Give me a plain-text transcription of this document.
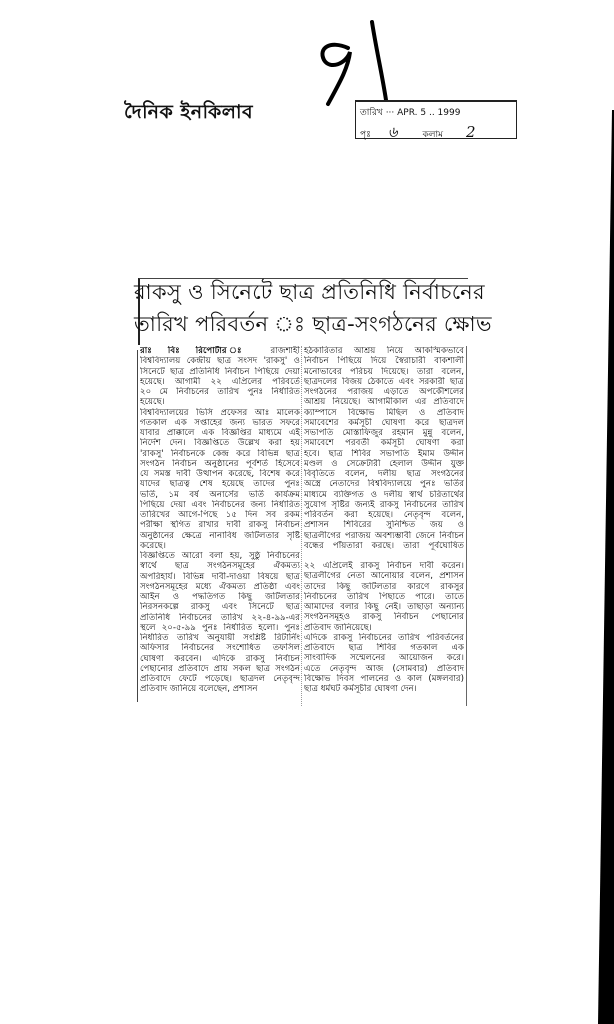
দৈনিক ইনকিলাব	তারিখ ··· APR. 5 .. 1999
পৃঃ ৬	কলাম 2
রাকসু ও সিনেটে ছাত্র প্রতিনিধি নির্বাচনের
তারিখ পরিবর্তন ঃ ছাত্র-সংগঠনের ক্ষোভ
রাঃ বিঃ রিপোর্টার ঃ রাজশাহী
বিশ্ববিদ্যালয় কেন্দ্রীয় ছাত্র সংসদ 'রাকসু' ও
সিনেটে ছাত্র প্রতিনিধি নির্বাচন পিছিয়ে দেয়া
হয়েছে। আগামী ২২ এপ্রিলের পরিবর্তে
২০ মে নির্বাচনের তারিখ পুনঃ নির্ধারিত
হয়েছে।
বিশ্ববিদ্যালয়ের ভিসি প্রফেসর আঃ মালেক
গতকাল এক সপ্তাহের জন্য ভারত সফরে
যাবার প্রাক্কালে এক বিজ্ঞপ্তির মাধ্যমে এই
নির্দেশ দেন। বিজ্ঞপ্তিতে উল্লেখ করা হয়
'রাকসু' নির্বাচনকে কেন্দ্র করে বিভিন্ন ছাত্র
সংগঠন নির্বাচন অনুষ্ঠানের পূর্বশর্ত হিসেবে
যে সমস্ত দাবী উত্থাপন করেছে, বিশেষ করে
যাদের ছাত্রত্ব শেষ হয়েছে তাদের পুনঃ
ভর্তি, ১ম বর্ষ অনার্সের ভর্তি কার্যক্রম
পিছিয়ে দেয়া এবং নির্বাচনের জন্য নির্ধারিত
তারিখের আগে-পিছে ১৫ দিন সব রকম
পরীক্ষা স্থগিত রাখার দাবী রাকসু নির্বাচন
অনুষ্ঠানের ক্ষেত্রে নানাবিধ জটিলতার সৃষ্টি
করেছে।
বিজ্ঞপ্তিতে আরো বলা হয়, সুষ্ঠু নির্বাচনের
স্বার্থে ছাত্র সংগঠনসমূহের ঐকমত্য
অপরিহার্য। বিভিন্ন দাবী-দাওয়া বিষয়ে ছাত্র
সংগঠনসমূহের মধ্যে ঐকমত্য প্রতিষ্ঠা এবং
আইন ও পদ্ধতিগত কিছু জটিলতার
নিরসনকল্পে রাকসু এবং সিনেটে ছাত্র
প্রতিনিধি নির্বাচনের তারিখ ২২-৪-৯৯-এর
স্থলে ২০-৫-৯৯ পুনঃ নির্ধারিত হলো। পুনঃ
নির্ধারিত তারিখ অনুযায়ী সংশ্লিষ্ট রিটার্নিং
অফিসার নির্বাচনের সংশোধিত তফসিল
ঘোষণা করবেন। এদিকে রাকসু নির্বাচন
পেছানোর প্রতিবাদে প্রায় সকল ছাত্র সংগঠন
প্রতিবাদে ফেটে পড়েছে। ছাত্রদল নেতৃবৃন্দ
প্রতিবাদ জানিয়ে বলেছেন, প্রশাসন
হঠকারিতার আশ্রয় নিয়ে আকস্মিকভাবে
নির্বাচন পিছিয়ে দিয়ে স্বৈরাচারী বাকশালী
মনোভাবের পরিচয় দিয়েছে। তারা বলেন,
ছাত্রদলের বিজয় ঠেকাতে এবং সরকারী ছাত্র
সংগঠনের পরাজয় এড়াতে অপকৌশলের
আশ্রয় নিয়েছে। আগামীকাল এর প্রতিবাদে
ক্যাম্পাসে বিক্ষোভ মিছিল ও প্রতিবাদ
সমাবেশের কর্মসূচী ঘোষণা করে ছাত্রদল
সভাপতি মোস্তাফিজুর রহমান মুন্নু বলেন,
সমাবেশে পরবর্তী কর্মসূচী ঘোষণা করা
হবে। ছাত্র শিবির সভাপতি ইমাম উদ্দীন
মণ্ডল ও সেক্রেটারী হেলাল উদ্দীন যুক্ত
বিবৃতিতে বলেন, দলীয় ছাত্র সংগঠনের
অস্ত্রে নেতাদের বিশ্ববিদ্যালয়ে পুনঃ ভর্তির
মাধ্যমে ব্যক্তিগত ও দলীয় স্বার্থ চরিতার্থের
সুযোগ সৃষ্টির জন্যই রাকসু নির্বাচনের তারিখ
পরিবর্তন করা হয়েছে। নেতৃবৃন্দ বলেন,
প্রশাসন শিবিরের সুনিশ্চিত জয় ও
ছাত্রলীগের পরাজয় অবশ্যম্ভাবী জেনে নির্বাচন
বন্ধের পাঁয়তারা করছে। তারা পূর্বঘোষিত
২২ এপ্রিলেই রাকসু নির্বাচন দাবী করেন।
ছাত্রলীগের নেতা আনোয়ার বলেন, প্রশাসন
তাদের কিছু জটিলতার কারণে রাকসুর
নির্বাচনের তারিখ পিছাতে পারে। তাতে
আমাদের বলার কিছু নেই। তাছাড়া অন্যান্য
সংগঠনসমূহও রাকসু নির্বাচন পেছানোর
প্রতিবাদ জানিয়েছে।
এদিকে রাকসু নির্বাচনের তারিখ পরিবর্তনের
প্রতিবাদে ছাত্র শিবির গতকাল এক
সাংবাদিক সম্মেলনের আয়োজন করে।
এতে নেতৃবৃন্দ আজ (সোমবার) প্রতিবাদ
বিক্ষোভ দিবস পালনের ও কাল (মঙ্গলবার)
ছাত্র ধর্মঘট কর্মসূচীর ঘোষণা দেন।
